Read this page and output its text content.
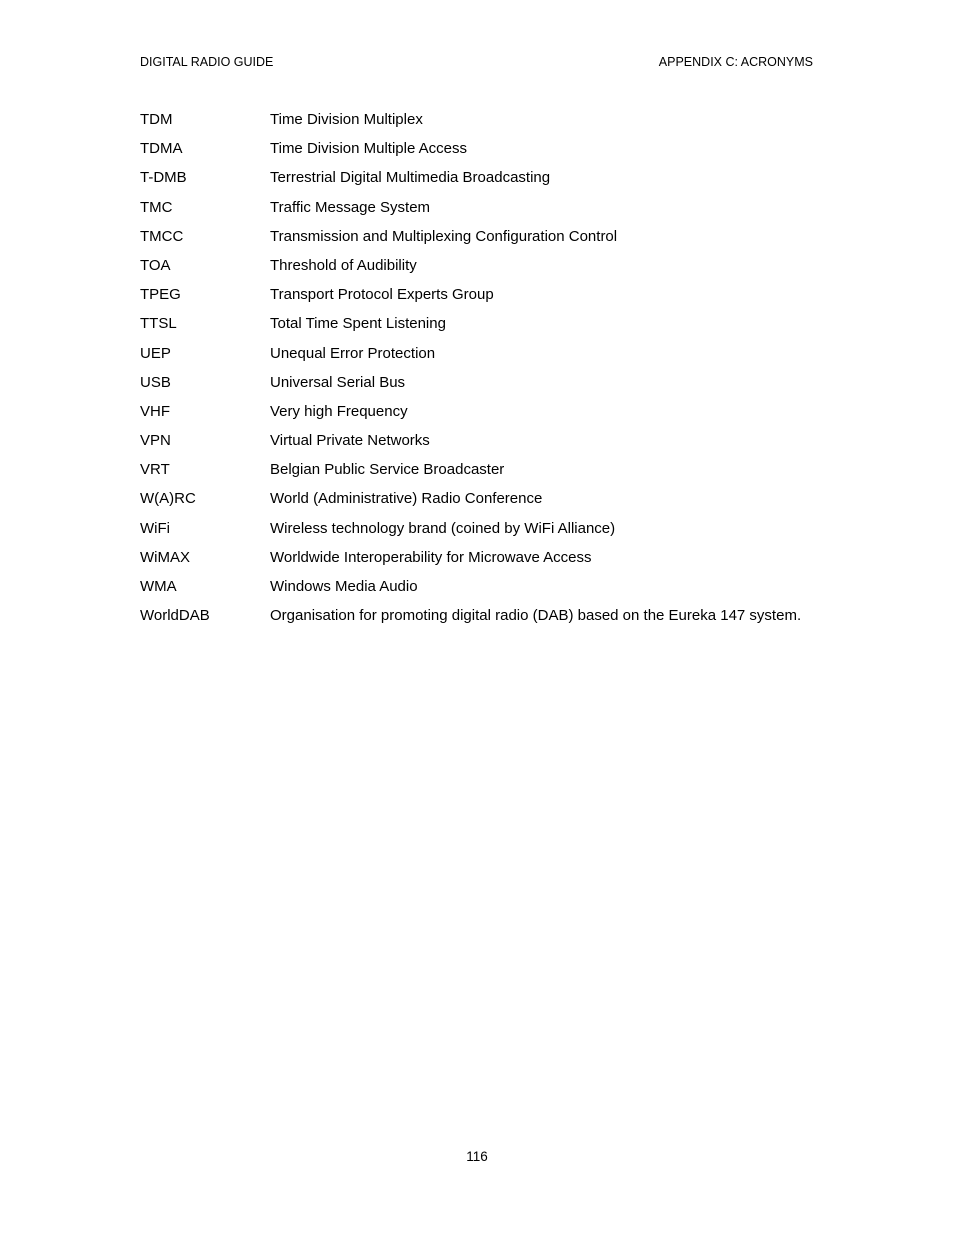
DIGITAL RADIO GUIDE	APPENDIX C: ACRONYMS
TDM	Time Division Multiplex
TDMA	Time Division Multiple Access
T-DMB	Terrestrial Digital Multimedia Broadcasting
TMC	Traffic Message System
TMCC	Transmission and Multiplexing Configuration Control
TOA	Threshold of Audibility
TPEG	Transport Protocol Experts Group
TTSL	Total Time Spent Listening
UEP	Unequal Error Protection
USB	Universal Serial Bus
VHF	Very high Frequency
VPN	Virtual Private Networks
VRT	Belgian Public Service Broadcaster
W(A)RC	World (Administrative) Radio Conference
WiFi	Wireless technology brand (coined by WiFi Alliance)
WiMAX	Worldwide Interoperability for Microwave Access
WMA	Windows Media Audio
WorldDAB	Organisation for promoting digital radio (DAB) based on the Eureka 147 system.
116
